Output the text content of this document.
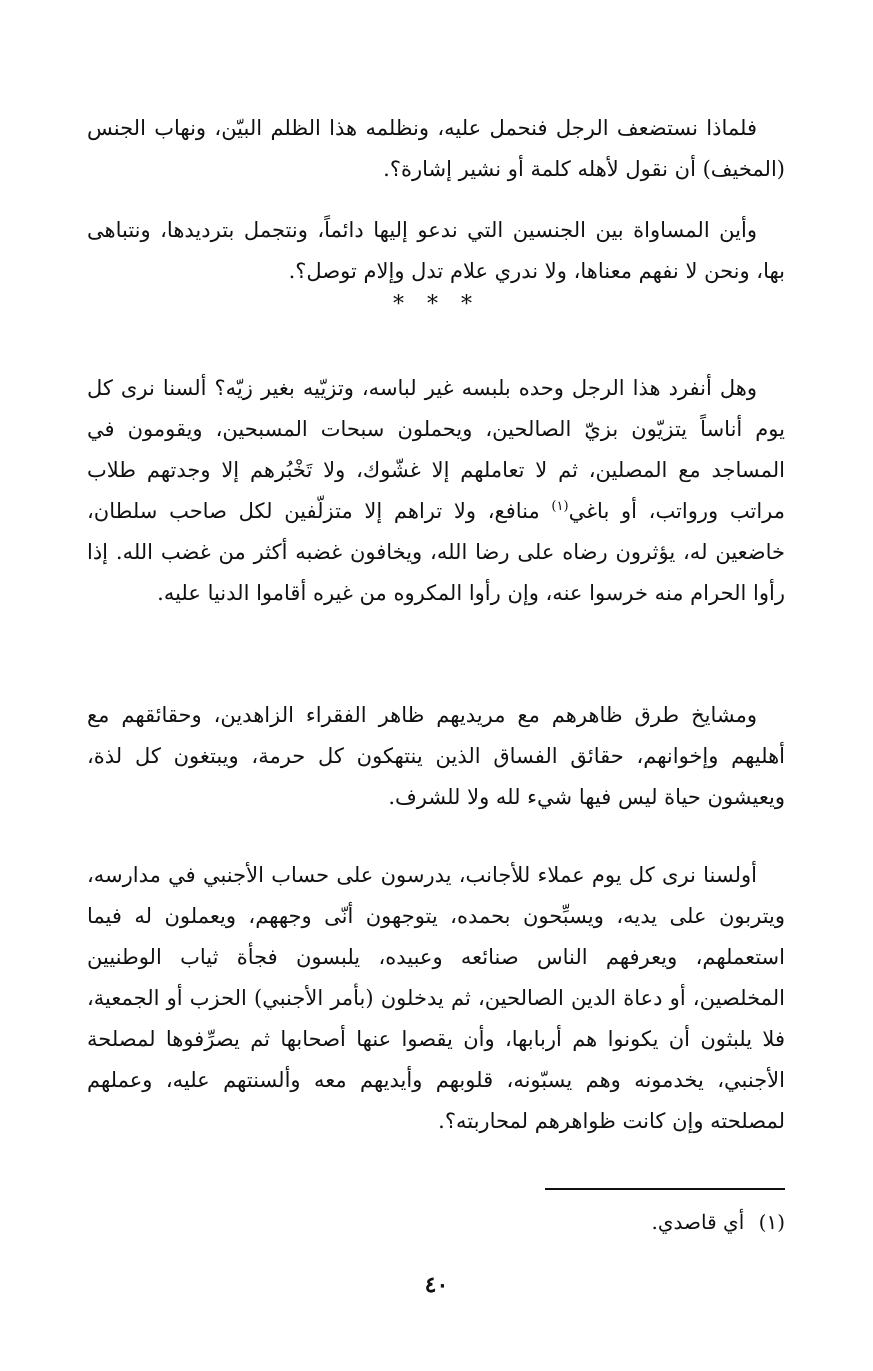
فلماذا نستضعف الرجل فنحمل عليه، ونظلمه هذا الظلم البيّن، ونهاب الجنس (المخيف) أن نقول لأهله كلمة أو نشير إشارة؟.

وأين المساواة بين الجنسين التي ندعو إليها دائماً، ونتجمل بترديدها، ونتباهى بها، ونحن لا نفهم معناها، ولا ندري علام تدل وإلام توصل؟.

* * *

وهل أنفرد هذا الرجل وحده بلبسه غير لباسه، وتزيّيه بغير زيّه؟ ألسنا نرى كل يوم أناساً يتزيّون بزيّ الصالحين، ويحملون سبحات المسبحين، ويقومون في المساجد مع المصلين، ثم لا تعاملهم إلا غشّوك، ولا تَخْبُرهم إلا وجدتهم طلاب مراتب ورواتب، أو باغي$^{(١)}$ منافع، ولا تراهم إلا متزلّفين لكل صاحب سلطان، خاضعين له، يؤثرون رضاه على رضا الله، ويخافون غضبه أكثر من غضب الله. إذا رأوا الحرام منه خرسوا عنه، وإن رأوا المكروه من غيره أقاموا الدنيا عليه.

ومشايخ طرق ظاهرهم مع مريديهم ظاهر الفقراء الزاهدين، وحقائقهم مع أهليهم وإخوانهم، حقائق الفساق الذين ينتهكون كل حرمة، ويبتغون كل لذة، ويعيشون حياة ليس فيها شيء لله ولا للشرف.

أولسنا نرى كل يوم عملاء للأجانب، يدرسون على حساب الأجنبي في مدارسه، ويتربون على يديه، ويسبِّحون بحمده، يتوجهون أنّى وجههم، ويعملون له فيما استعملهم، ويعرفهم الناس صنائعه وعبيده، يلبسون فجأة ثياب الوطنيين المخلصين، أو دعاة الدين الصالحين، ثم يدخلون (بأمر الأجنبي) الحزب أو الجمعية، فلا يلبثون أن يكونوا هم أربابها، وأن يقصوا عنها أصحابها ثم يصرِّفوها لمصلحة الأجنبي، يخدمونه وهم يسبّونه، قلوبهم وأيديهم معه وألسنتهم عليه، وعملهم لمصلحته وإن كانت ظواهرهم لمحاربته؟.

(١) أي قاصدي.
٤٠
